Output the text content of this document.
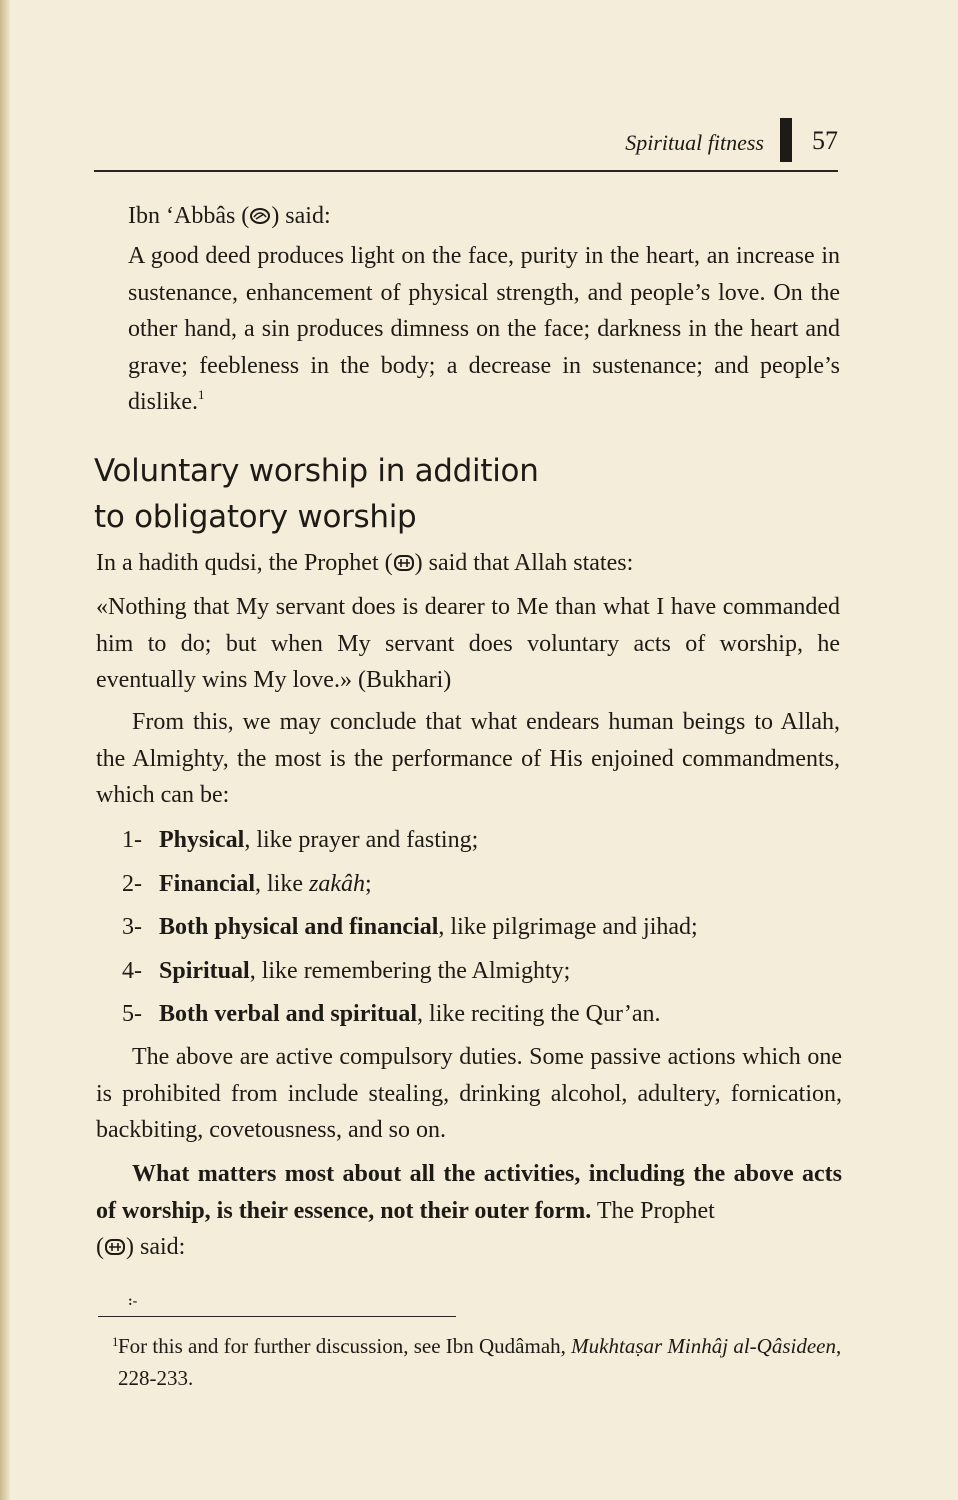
Spiritual fitness 57

Ibn ‘Abbâs ( ) said:

A good deed produces light on the face, purity in the heart, an increase in sustenance, enhancement of physical strength, and people’s love. On the other hand, a sin produces dimness on the face; darkness in the heart and grave; feebleness in the body; a decrease in sustenance; and people’s dislike.$^1$

Voluntary worship in addition
to obligatory worship

In a hadith qudsi, the Prophet ( ) said that Allah states:

«Nothing that My servant does is dearer to Me than what I have commanded him to do; but when My servant does voluntary acts of worship, he eventually wins My love.» (Bukhari)

From this, we may conclude that what endears human beings to Allah, the Almighty, the most is the performance of His enjoined commandments, which can be:

1- Physical, like prayer and fasting;
2- Financial, like zakâh;
3- Both physical and financial, like pilgrimage and jihad;
4- Spiritual, like remembering the Almighty;
5- Both verbal and spiritual, like reciting the Qur’an.

The above are active compulsory duties. Some passive actions which one is prohibited from include stealing, drinking alcohol, adultery, fornication, backbiting, covetousness, and so on.

What matters most about all the activities, including the above acts of worship, is their essence, not their outer form. The Prophet
( ) said:

:-
1 For this and for further discussion, see Ibn Qudâmah, Mukhtaṣar Minhâj al-Qâsideen, 228-233.
